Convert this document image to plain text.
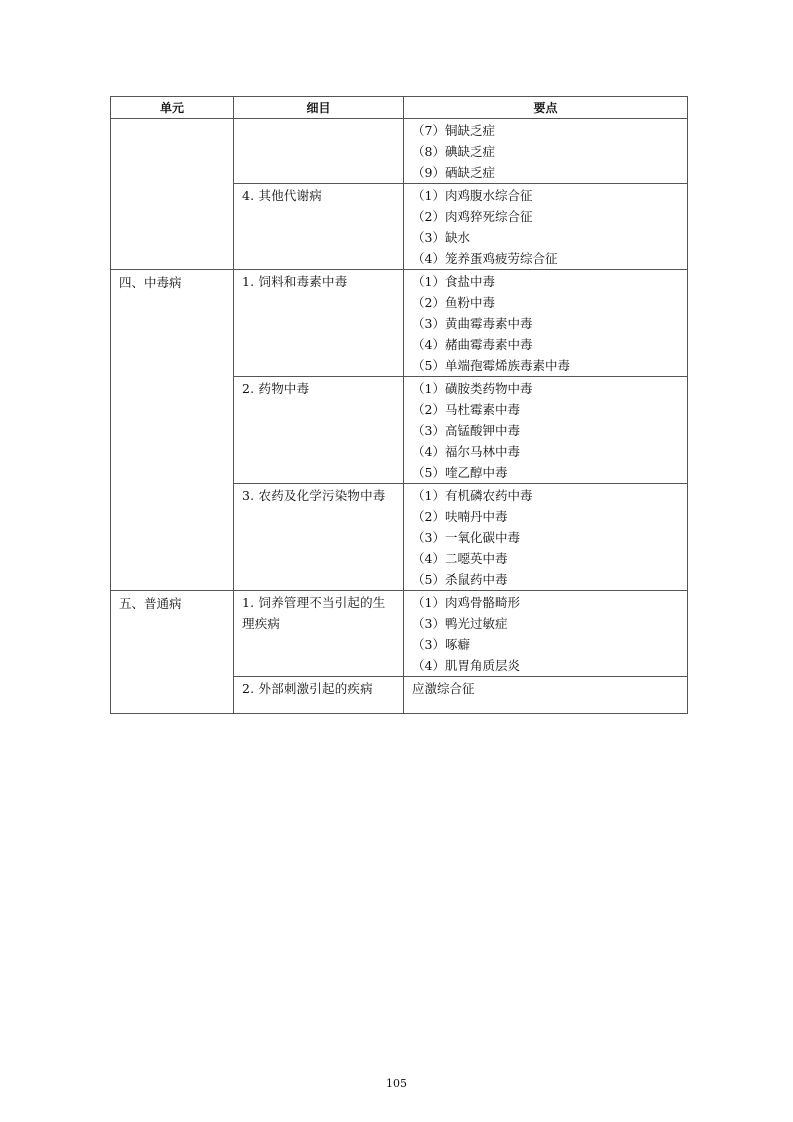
单元	细目	要点

		（7）铜缺乏症
（8）碘缺乏症
（9）硒缺乏症

	4. 其他代谢病	（1）肉鸡腹水综合征
（2）肉鸡猝死综合征
（3）缺水
（4）笼养蛋鸡疲劳综合征

四、中毒病	1. 饲料和毒素中毒	（1）食盐中毒
（2）鱼粉中毒
（3）黄曲霉毒素中毒
（4）赭曲霉毒素中毒
（5）单端孢霉烯族毒素中毒

	2. 药物中毒	（1）磺胺类药物中毒
（2）马杜霉素中毒
（3）高锰酸钾中毒
（4）福尔马林中毒
（5）喹乙醇中毒

	3. 农药及化学污染物中毒	（1）有机磷农药中毒
（2）呋喃丹中毒
（3）一氧化碳中毒
（4）二噁英中毒
（5）杀鼠药中毒

五、普通病	1. 饲养管理不当引起的生理疾病	（1）肉鸡骨骼畸形
（3）鸭光过敏症
（3）啄癖
（4）肌胃角质层炎

	2. 外部刺激引起的疾病	应激综合征
105
